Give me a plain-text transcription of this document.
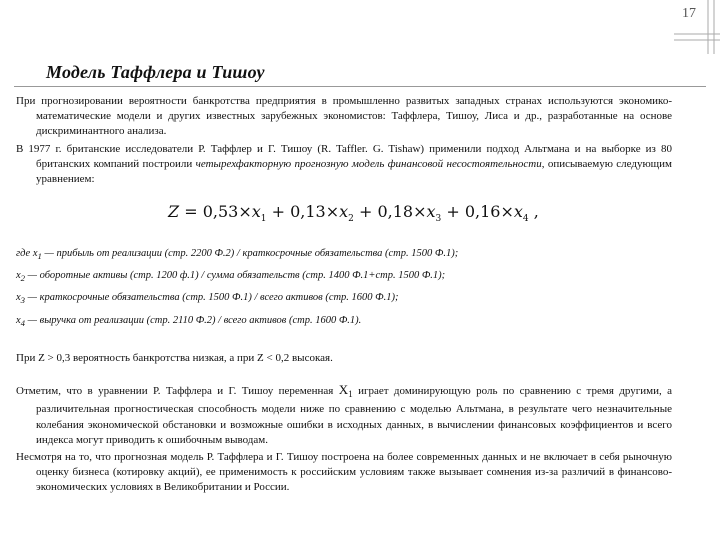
17
Модель Таффлера и Тишоу

При прогнозировании вероятности банкротства предприятия в промышленно развитых западных странах используются экономико-математические модели и других известных зарубежных экономистов: Таффлера, Тишоу, Лиса и др., разработанные на основе дискриминантного анализа.

В 1977 г. британские исследователи Р. Таффлер и Г. Тишоу (R. Taffler. G. Tishaw) применили подход Альтмана и на выборке из 80 британских компаний построили четырехфакторную прогнозную модель финансовой несостоятельности, описываемую следующим уравнением:

$Z = 0,53\times x_1 + 0,13\times x_2 + 0,18\times x_3 + 0,16\times x_4$ ,
где $x_1$ — прибыль от реализации (стр. 2200 Ф.2) / краткосрочные обязательства (стр. 1500 Ф.1);
$x_2$ — оборотные активы (стр. 1200 ф.1) / сумма обязательств (стр. 1400 Ф.1+стр. 1500 Ф.1);
$x_3$ — краткосрочные обязательства (стр. 1500 Ф.1) / всего активов (стр. 1600 Ф.1);
$x_4$ — выручка от реализации (стр. 2110 Ф.2) / всего активов (стр. 1600 Ф.1).

При Z > 0,3 вероятность банкротства низкая, а при Z < 0,2 высокая.

Отметим, что в уравнении Р. Таффлера и Г. Тишоу переменная $X_1$ играет доминирующую роль по сравнению с тремя другими, а различительная прогностическая способность модели ниже по сравнению с моделью Альтмана, в результате чего незначительные колебания экономической обстановки и возможные ошибки в исходных данных, в вычислении финансовых коэффициентов и всего индекса могут приводить к ошибочным выводам.

Несмотря на то, что прогнозная модель Р. Таффлера и Г. Тишоу построена на более современных данных и не включает в себя рыночную оценку бизнеса (котировку акций), ее применимость к российским условиям также вызывает сомнения из-за различий в финансово-экономических условиях в Великобритании и России.
